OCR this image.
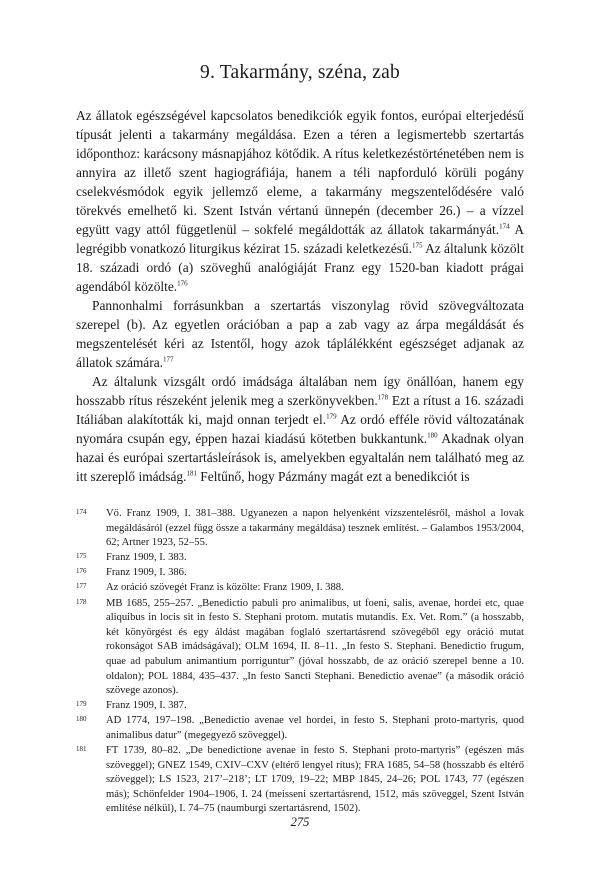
9. Takarmány, széna, zab

Az állatok egészségével kapcsolatos benedikciók egyik fontos, európai elterjedésű típusát jelenti a takarmány megáldása. Ezen a téren a legismertebb szertartás időponthoz: karácsony másnapjához kötődik. A rítus keletkezéstörténetében nem is annyira az illető szent hagiográfiája, hanem a téli napforduló körüli pogány cselekvésmódok egyik jellemző eleme, a takarmány megszentelődésére való törekvés emelhető ki. Szent István vértanú ünnepén (december 26.) – a vízzel együtt vagy attól függetlenül – sokfelé megáldották az állatok takarmányát.$^{174}$ A legrégibb vonatkozó liturgikus kézirat 15. századi keletkezésű.$^{175}$ Az általunk közölt 18. századi ordó (a) szöveghű analógiáját Franz egy 1520-ban kiadott prágai agendából közölte.$^{176}$

Pannonhalmi forrásunkban a szertartás viszonylag rövid szövegváltozata szerepel (b). Az egyetlen orációban a pap a zab vagy az árpa megáldását és megszentelését kéri az Istentől, hogy azok táplálékként egészséget adjanak az állatok számára.$^{177}$

Az általunk vizsgált ordó imádsága általában nem így önállóan, hanem egy hosszabb rítus részeként jelenik meg a szerkönyvekben.$^{178}$ Ezt a rítust a 16. századi Itáliában alakították ki, majd onnan terjedt el.$^{179}$ Az ordó efféle rövid változatának nyomára csupán egy, éppen hazai kiadású kötetben bukkantunk.$^{180}$ Akadnak olyan hazai és európai szertartásleírások is, amelyekben egyaltalán nem található meg az itt szereplő imádság.$^{181}$ Feltűnő, hogy Pázmány magát ezt a benedikciót is

174 Vö. Franz 1909, I. 381–388. Ugyanezen a napon helyenként vízszentelésről, máshol a lovak megáldásáról (ezzel függ össze a takarmány megáldása) tesznek említést. – Galambos 1953/2004, 62; Artner 1923, 52–55.
175 Franz 1909, I. 383.
176 Franz 1909, I. 386.
177 Az oráció szövegét Franz is közölte: Franz 1909, I. 388.
178 MB 1685, 255–257. „Benedictio pabuli pro animalibus, ut foeni, salis, avenae, hordei etc, quae aliquibus in locis sit in festo S. Stephani protom. mutatis mutandis. Ex. Vet. Rom.” (a hosszabb, két könyörgést és egy áldást magában foglaló szertartásrend szövegéből egy oráció mutat rokonságot SAB imádságával); OLM 1694, II. 8–11. „In festo S. Stephani. Benedictio frugum, quae ad pabulum animantium porriguntur” (jóval hosszabb, de az oráció szerepel benne a 10. oldalon); POL 1884, 435–437. „In festo Sancti Stephani. Benedictio avenae” (a második oráció szövege azonos).
179 Franz 1909, I. 387.
180 AD 1774, 197–198. „Benedictio avenae vel hordei, in festo S. Stephani proto-martyris, quod animalibus datur” (megegyező szöveggel).
181 FT 1739, 80–82. „De benedictione avenae in festo S. Stephani proto-martyris” (egészen más szöveggel); GNEZ 1549, CXIV–CXV (eltérő lengyel rítus); FRA 1685, 54–58 (hosszabb és eltérő szöveggel); LS 1523, 217’–218’; LT 1709, 19–22; MBP 1845, 24–26; POL 1743, 77 (egészen más); Schönfelder 1904–1906, I. 24 (meisseni szertartásrend, 1512, más szöveggel, Szent István említése nélkül), I. 74–75 (naumburgi szertartásrend, 1502).
275
